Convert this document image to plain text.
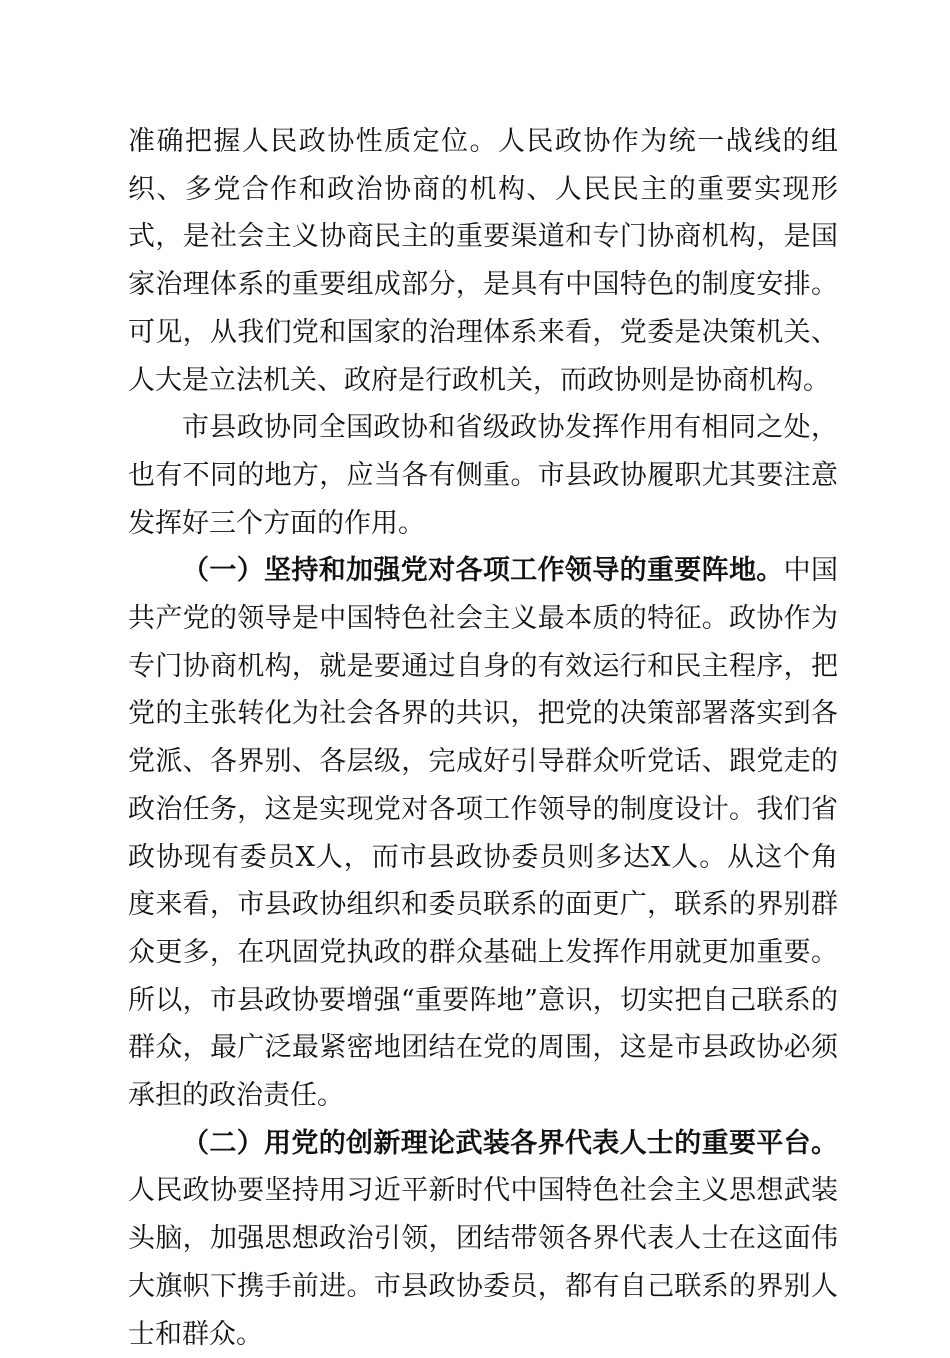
准确把握人民政协性质定位。人民政协作为统一战线的组织、多党合作和政治协商的机构、人民民主的重要实现形式，是社会主义协商民主的重要渠道和专门协商机构，是国家治理体系的重要组成部分，是具有中国特色的制度安排。可见，从我们党和国家的治理体系来看，党委是决策机关、人大是立法机关、政府是行政机关，而政协则是协商机构。

市县政协同全国政协和省级政协发挥作用有相同之处，也有不同的地方，应当各有侧重。市县政协履职尤其要注意发挥好三个方面的作用。

（一）坚持和加强党对各项工作领导的重要阵地。中国共产党的领导是中国特色社会主义最本质的特征。政协作为专门协商机构，就是要通过自身的有效运行和民主程序，把党的主张转化为社会各界的共识，把党的决策部署落实到各党派、各界别、各层级，完成好引导群众听党话、跟党走的政治任务，这是实现党对各项工作领导的制度设计。我们省政协现有委员X人，而市县政协委员则多达X人。从这个角度来看，市县政协组织和委员联系的面更广，联系的界别群众更多，在巩固党执政的群众基础上发挥作用就更加重要。所以，市县政协要增强“重要阵地”意识，切实把自己联系的群众，最广泛最紧密地团结在党的周围，这是市县政协必须承担的政治责任。

（二）用党的创新理论武装各界代表人士的重要平台。人民政协要坚持用习近平新时代中国特色社会主义思想武装头脑，加强思想政治引领，团结带领各界代表人士在这面伟大旗帜下携手前进。市县政协委员，都有自己联系的界别人士和群众。
